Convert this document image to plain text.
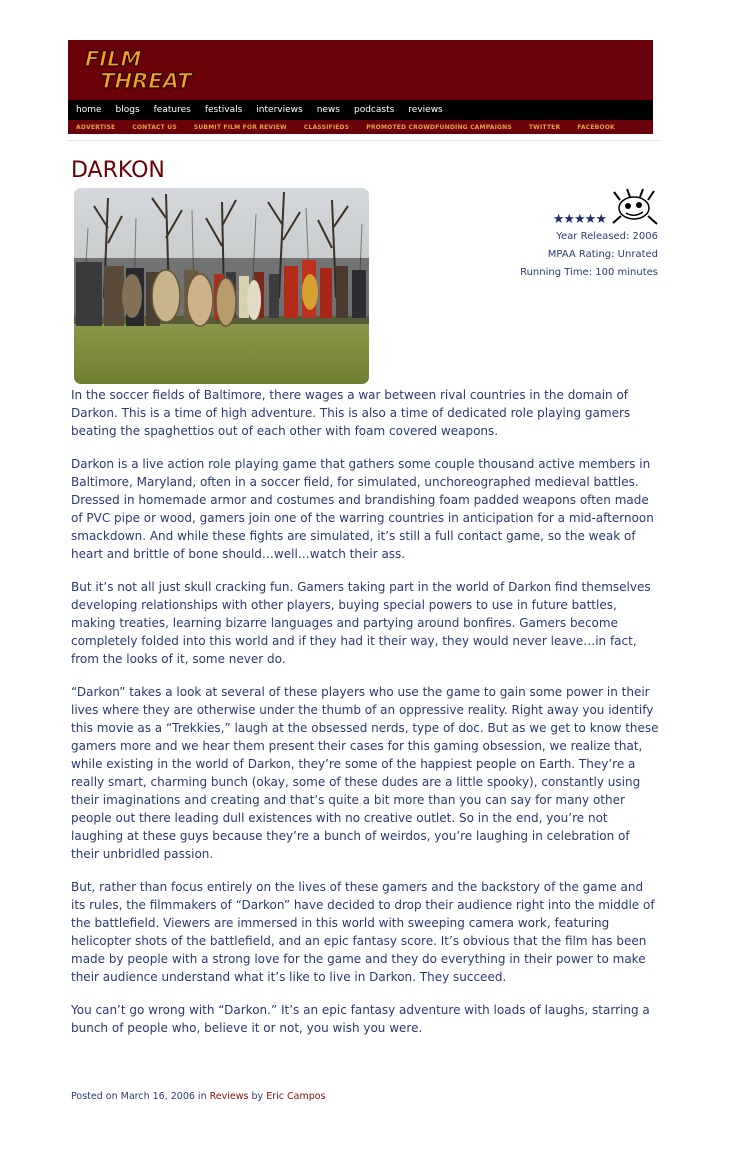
FILM
THREAT
home blogs features festivals interviews news podcasts reviews
ADVERTISE	CONTACT US	SUBMIT FILM FOR REVIEW	CLASSIFIEDS	PROMOTED CROWDFUNDING CAMPAIGNS	TWITTER	FACEBOOK
DARKON
★★★★★
Year Released: 2006
MPAA Rating: Unrated
Running Time: 100 minutes

In the soccer fields of Baltimore, there wages a war between rival countries in the domain of Darkon. This is a time of high adventure. This is also a time of dedicated role playing gamers beating the spaghettios out of each other with foam covered weapons.

Darkon is a live action role playing game that gathers some couple thousand active members in Baltimore, Maryland, often in a soccer field, for simulated, unchoreographed medieval battles. Dressed in homemade armor and costumes and brandishing foam padded weapons often made of PVC pipe or wood, gamers join one of the warring countries in anticipation for a mid-afternoon smackdown. And while these fights are simulated, it’s still a full contact game, so the weak of heart and brittle of bone should…well…watch their ass.

But it’s not all just skull cracking fun. Gamers taking part in the world of Darkon find themselves developing relationships with other players, buying special powers to use in future battles, making treaties, learning bizarre languages and partying around bonfires. Gamers become completely folded into this world and if they had it their way, they would never leave…in fact, from the looks of it, some never do.

“Darkon” takes a look at several of these players who use the game to gain some power in their lives where they are otherwise under the thumb of an oppressive reality. Right away you identify this movie as a “Trekkies,” laugh at the obsessed nerds, type of doc. But as we get to know these gamers more and we hear them present their cases for this gaming obsession, we realize that, while existing in the world of Darkon, they’re some of the happiest people on Earth. They’re a really smart, charming bunch (okay, some of these dudes are a little spooky), constantly using their imaginations and creating and that’s quite a bit more than you can say for many other people out there leading dull existences with no creative outlet. So in the end, you’re not laughing at these guys because they’re a bunch of weirdos, you’re laughing in celebration of their unbridled passion.

But, rather than focus entirely on the lives of these gamers and the backstory of the game and its rules, the filmmakers of “Darkon” have decided to drop their audience right into the middle of the battlefield. Viewers are immersed in this world with sweeping camera work, featuring helicopter shots of the battlefield, and an epic fantasy score. It’s obvious that the film has been made by people with a strong love for the game and they do everything in their power to make their audience understand what it’s like to live in Darkon. They succeed.

You can’t go wrong with “Darkon.” It’s an epic fantasy adventure with loads of laughs, starring a bunch of people who, believe it or not, you wish you were.

Posted on March 16, 2006 in Reviews by Eric Campos
